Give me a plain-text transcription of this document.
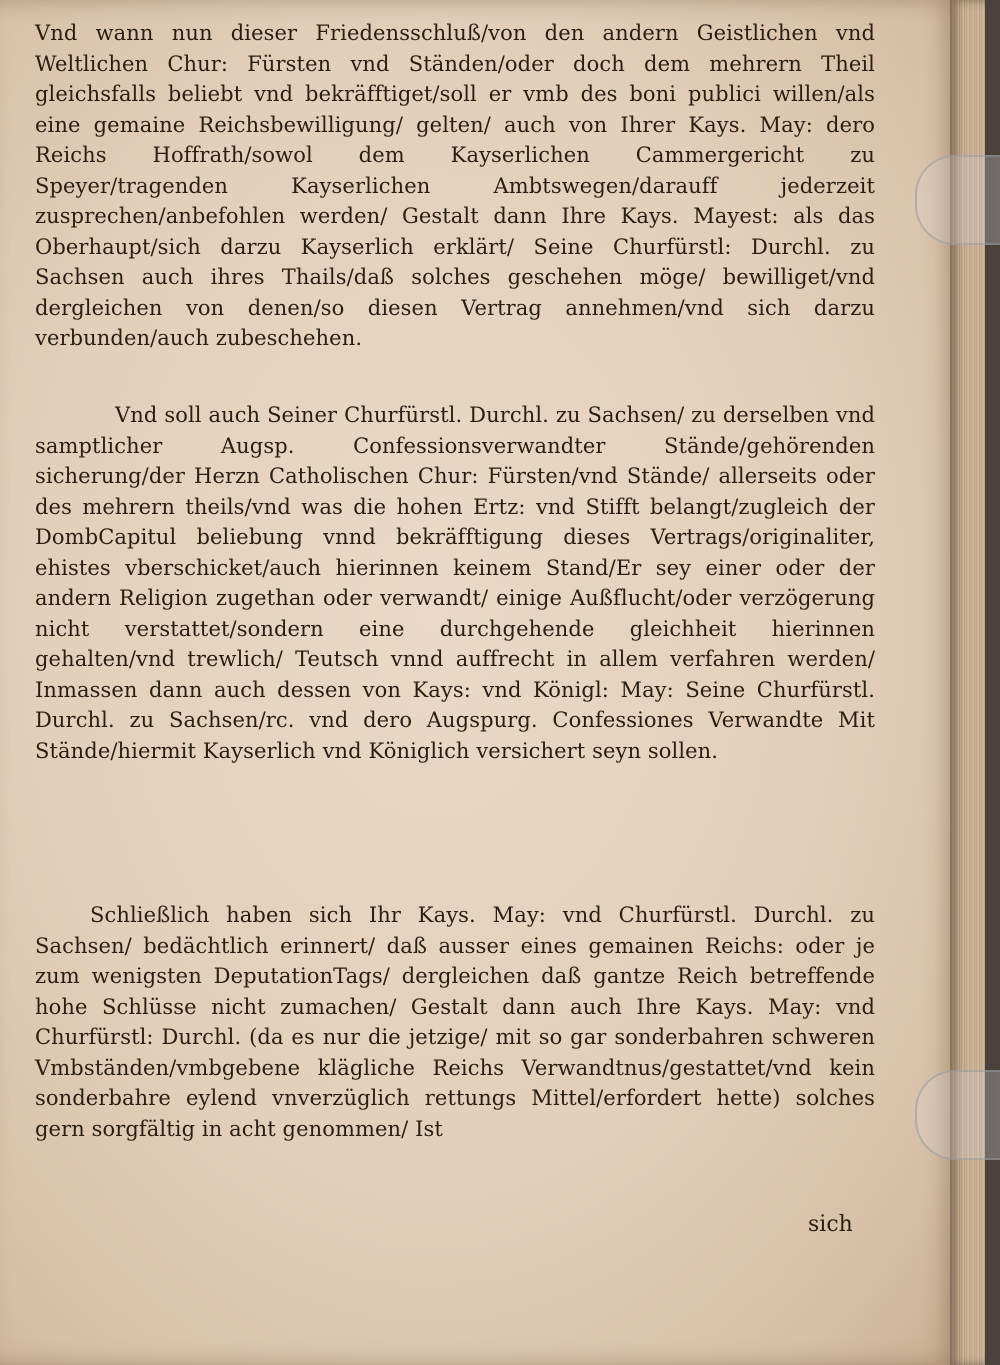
Vnd wann nun dieser Friedensschluß/von den andern Geistlichen vnd Weltlichen Chur: Fürsten vnd Ständen/oder doch dem mehrern Theil gleichsfalls beliebt vnd bekräfftiget/soll er vmb des boni publici willen/als eine gemaine Reichsbewilligung/ gelten/ auch von Ihrer Kays. May: dero Reichs Hoffrath/sowol dem Kayserlichen Cammergericht zu Speyer/tragenden Kayserlichen Ambtswegen/darauff jederzeit zusprechen/anbefohlen werden/ Gestalt dann Ihre Kays. Mayest: als das Oberhaupt/sich darzu Kayserlich erklärt/ Seine Churfürstl: Durchl. zu Sachsen auch ihres Thails/daß solches geschehen möge/ bewilliget/vnd dergleichen von denen/so diesen Vertrag annehmen/vnd sich darzu verbunden/auch zubeschehen.

Vnd soll auch Seiner Churfürstl. Durchl. zu Sachsen/ zu derselben vnd samptlicher Augsp. Confessionsverwandter Stände/gehörenden sicherung/der Herzn Catholischen Chur: Fürsten/vnd Stände/ allerseits oder des mehrern theils/vnd was die hohen Ertz: vnd Stifft belangt/zugleich der DombCapitul beliebung vnnd bekräfftigung dieses Vertrags/originaliter, ehistes vberschicket/auch hierinnen keinem Stand/Er sey einer oder der andern Religion zugethan oder verwandt/ einige Außflucht/oder verzögerung nicht verstattet/sondern eine durchgehende gleichheit hierinnen gehalten/vnd trewlich/ Teutsch vnnd auffrecht in allem verfahren werden/ Inmassen dann auch dessen von Kays: vnd Königl: May: Seine Churfürstl. Durchl. zu Sachsen/rc. vnd dero Augspurg. Confessiones Verwandte Mit Stände/hiermit Kayserlich vnd Königlich versichert seyn sollen.

Schließlich haben sich Ihr Kays. May: vnd Churfürstl. Durchl. zu Sachsen/ bedächtlich erinnert/ daß ausser eines gemainen Reichs: oder je zum wenigsten DeputationTags/ dergleichen daß gantze Reich betreffende hohe Schlüsse nicht zumachen/ Gestalt dann auch Ihre Kays. May: vnd Churfürstl: Durchl. (da es nur die jetzige/ mit so gar sonderbahren schweren Vmbständen/vmbgebene klägliche Reichs Verwandtnus/gestattet/vnd kein sonderbahre eylend vnverzüglich rettungs Mittel/erfordert hette) solches gern sorgfältig in acht genommen/ Ist

sich
